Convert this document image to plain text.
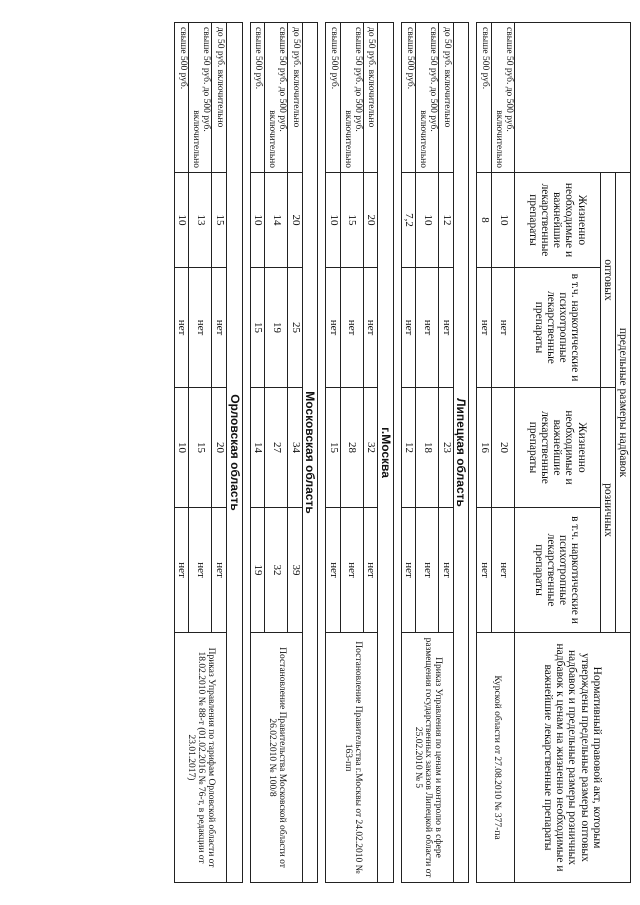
	предельные размеры надбавок				Нормативный правовой акт, которым утверждены предельные размеры оптовых надбавок и предельные размеры розничных надбавок к ценам на жизненно необходимые и важнейшие лекарственные препараты
	оптовых		розничных		
	Жизненно необходимые и важнейшие лекарственные препараты	в т.ч. наркотические и психотропные лекарственные препараты	Жизненно необходимые и важнейшие лекарственные препараты	в т.ч. наркотические и психотропные лекарственные препараты	
свыше 50 руб. до 500 руб.
включительно	10	нет	20	нет	Курской области от 27.08.2010 № 377-па
свыше 500 руб.	8	нет	16	нет	

Липецкая область					
до 50 руб. включительно	12	нет	23	нет	Приказ Управления по ценам и контролю в сфере размещения государственных заказов Липецкой области от 25.02.2010 № 5
свыше 50 руб. до 500 руб.
включительно	10	нет	18	нет	
свыше 500 руб.	7,2	нет	12	нет	

г.Москва					
до 50 руб. включительно	20	нет	32	нет	Постановление Правительства г.Москвы от 24.02.2010 № 163-пп
свыше 50 руб. до 500 руб.
включительно	15	нет	28	нет	
свыше 500 руб.	10	нет	15	нет	

Московская область					
до 50 руб. включительно	20	25	34	39	Постановление Правительства Московской области от 26.02.2010 № 100/8
свыше 50 руб. до 500 руб.
включительно	14	19	27	32	
свыше 500 руб.	10	15	14	19	

Орловская область					
до 50 руб. включительно	15	нет	20	нет	Приказ Управления по тарифам Орловской области от 18.02.2010 № 88-т (01.02.2016 № 76-т, в редакции от 23.01.2017)
свыше 50 руб. до 500 руб.
включительно	13	нет	15	нет	
свыше 500 руб.	10	нет	10	нет	
